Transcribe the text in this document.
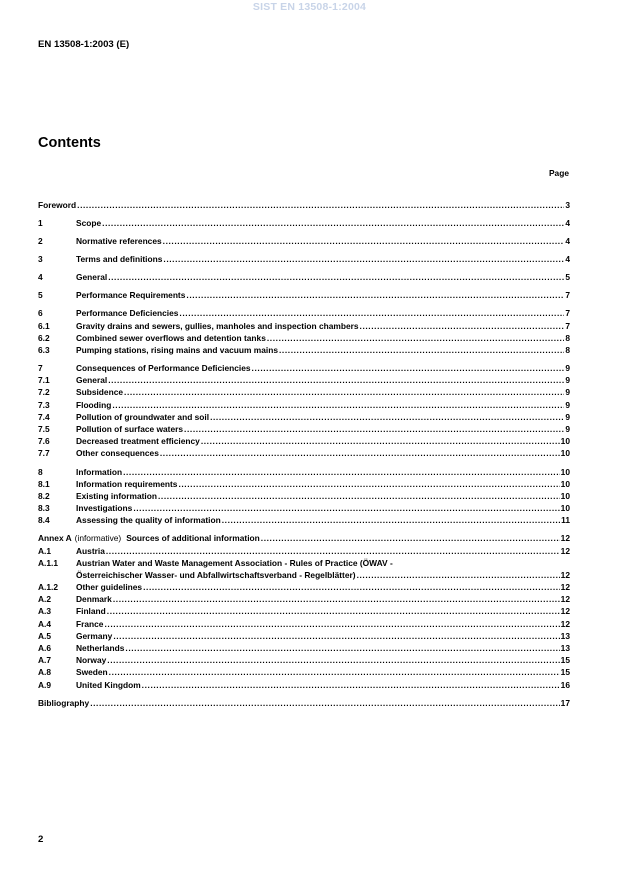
SIST EN 13508-1:2004
EN 13508-1:2003 (E)
Contents
Page
Foreword .....	3
1	Scope .....	4
2	Normative references .....	4
3	Terms and definitions .....	4
4	General .....	5
5	Performance Requirements .....	7
6	Performance Deficiencies .....	7
6.1	Gravity drains and sewers, gullies, manholes and inspection chambers .....	7
6.2	Combined sewer overflows and detention tanks .....	8
6.3	Pumping stations, rising mains and vacuum mains .....	8
7	Consequences of Performance Deficiencies .....	9
7.1	General .....	9
7.2	Subsidence .....	9
7.3	Flooding .....	9
7.4	Pollution of groundwater and soil .....	9
7.5	Pollution of surface waters .....	9
7.6	Decreased treatment efficiency .....	10
7.7	Other consequences .....	10
8	Information .....	10
8.1	Information requirements .....	10
8.2	Existing information .....	10
8.3	Investigations .....	10
8.4	Assessing the quality of information .....	11
Annex A (informative) Sources of additional information .....	12
A.1	Austria .....	12
A.1.1	Austrian Water and Waste Management Association - Rules of Practice (ÖWAV -
Österreichischer Wasser- und Abfallwirtschaftsverband - Regelblätter) .....	12
A.1.2	Other guidelines .....	12
A.2	Denmark .....	12
A.3	Finland .....	12
A.4	France .....	12
A.5	Germany .....	13
A.6	Netherlands .....	13
A.7	Norway .....	15
A.8	Sweden .....	15
A.9	United Kingdom .....	16
Bibliography .....	17
2
